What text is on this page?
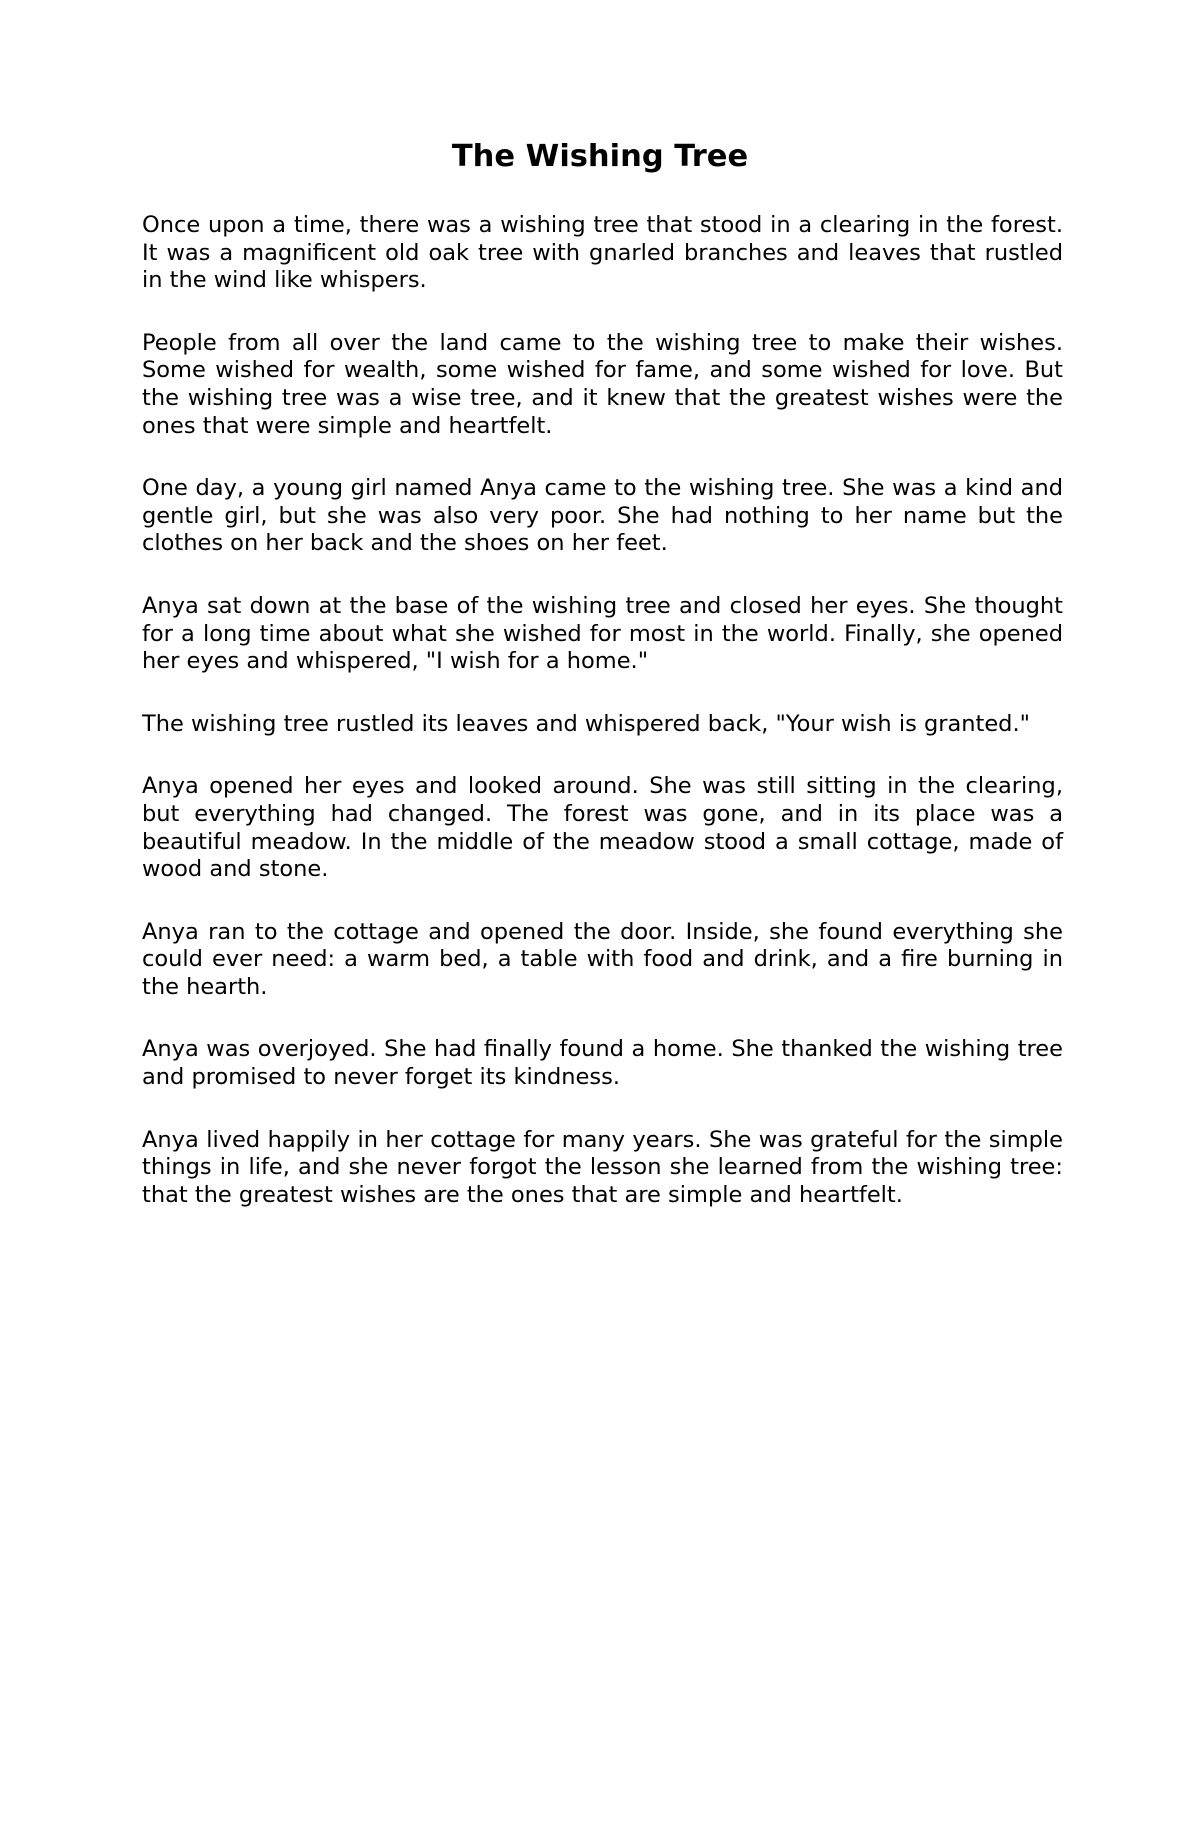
The Wishing Tree

Once upon a time, there was a wishing tree that stood in a clearing in the forest. It was a magnificent old oak tree with gnarled branches and leaves that rustled in the wind like whispers.

People from all over the land came to the wishing tree to make their wishes. Some wished for wealth, some wished for fame, and some wished for love. But the wishing tree was a wise tree, and it knew that the greatest wishes were the ones that were simple and heartfelt.

One day, a young girl named Anya came to the wishing tree. She was a kind and gentle girl, but she was also very poor. She had nothing to her name but the clothes on her back and the shoes on her feet.

Anya sat down at the base of the wishing tree and closed her eyes. She thought for a long time about what she wished for most in the world. Finally, she opened her eyes and whispered, "I wish for a home."

The wishing tree rustled its leaves and whispered back, "Your wish is granted."

Anya opened her eyes and looked around. She was still sitting in the clearing, but everything had changed. The forest was gone, and in its place was a beautiful meadow. In the middle of the meadow stood a small cottage, made of wood and stone.

Anya ran to the cottage and opened the door. Inside, she found everything she could ever need: a warm bed, a table with food and drink, and a fire burning in the hearth.

Anya was overjoyed. She had finally found a home. She thanked the wishing tree and promised to never forget its kindness.

Anya lived happily in her cottage for many years. She was grateful for the simple things in life, and she never forgot the lesson she learned from the wishing tree: that the greatest wishes are the ones that are simple and heartfelt.
